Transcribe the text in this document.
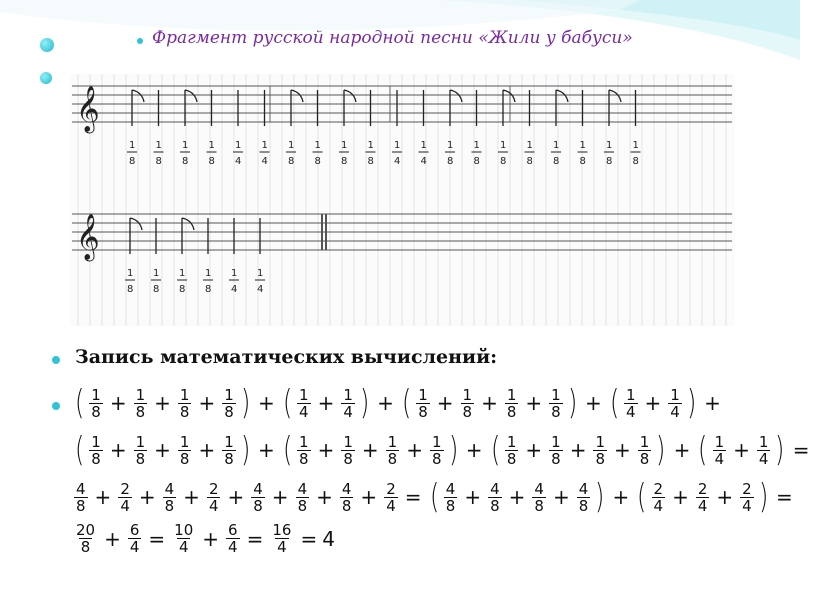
Фрагмент русской народной песни «Жили у бабуси»
𝄞
𝄞
1
8
1
8
1
8
1
8
1
4
1
4
1
8
1
8
1
8
1
8
1
4
1
4
1
8
1
8
1
8
1
8
1
8
1
8
1
8
1
8
1
8
1
8
1
8
1
8
1
4
1
4
Запись математических вычислений:
( $\frac{1}{8} + \frac{1}{8} + \frac{1}{8} + \frac{1}{8}$ ) + ( $\frac{1}{4} + \frac{1}{4}$ ) + ( $\frac{1}{8} + \frac{1}{8} + \frac{1}{8} + \frac{1}{8}$ ) + ( $\frac{1}{4} + \frac{1}{4}$ ) +
( $\frac{1}{8} + \frac{1}{8} + \frac{1}{8} + \frac{1}{8}$ ) + ( $\frac{1}{8} + \frac{1}{8} + \frac{1}{8} + \frac{1}{8}$ ) + ( $\frac{1}{8} + \frac{1}{8} + \frac{1}{8} + \frac{1}{8}$ ) + ( $\frac{1}{4} + \frac{1}{4}$ ) =
$\frac{4}{8} + \frac{2}{4} + \frac{4}{8} + \frac{2}{4} + \frac{4}{8} + \frac{4}{8} + \frac{4}{8} + \frac{2}{4}$ = ( $\frac{4}{8} + \frac{4}{8} + \frac{4}{8} + \frac{4}{8}$ ) + ( $\frac{2}{4} + \frac{2}{4} + \frac{2}{4}$ ) =
$\frac{20}{8} + \frac{6}{4} = \frac{10}{4} + \frac{6}{4} = \frac{16}{4} = 4$
